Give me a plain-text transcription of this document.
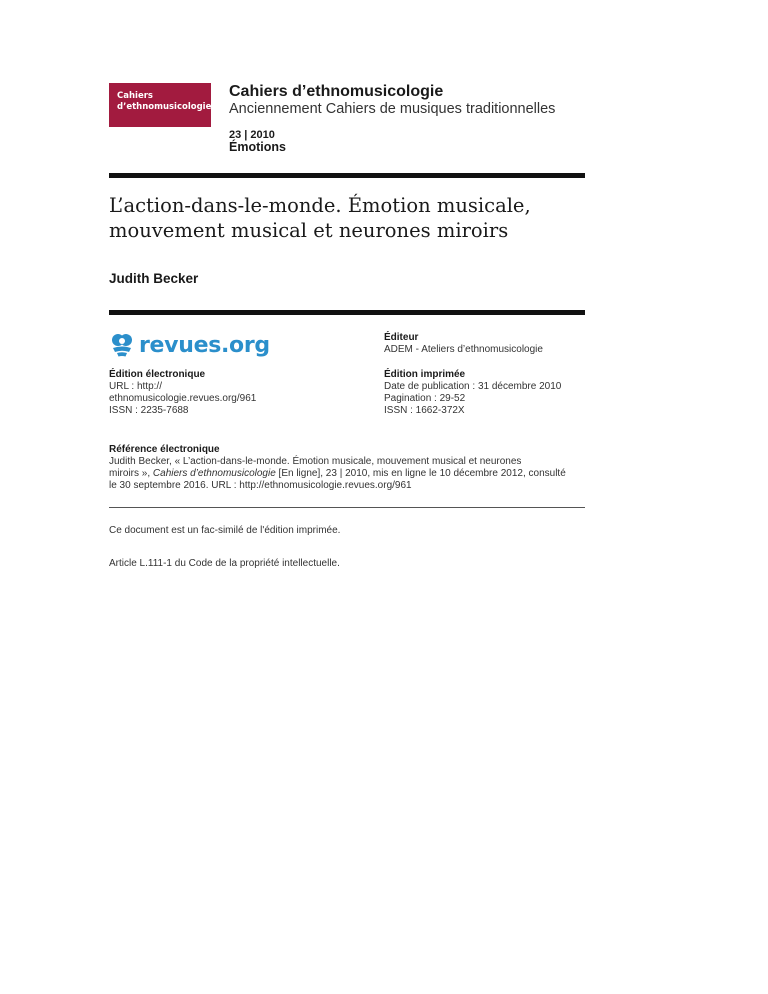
Cahiers
d’ethnomusicologie
Cahiers d’ethnomusicologie
Anciennement Cahiers de musiques traditionnelles
23 | 2010
Émotions
L’action-dans-le-monde. Émotion musicale,
mouvement musical et neurones miroirs
Judith Becker
revues.org	Éditeur
ADEM - Ateliers d’ethnomusicologie
Édition électronique
URL : http://
ethnomusicologie.revues.org/961
ISSN : 2235-7688
Édition imprimée
Date de publication : 31 décembre 2010
Pagination : 29-52
ISSN : 1662-372X
Référence électronique
Judith Becker, « L’action-dans-le-monde. Émotion musicale, mouvement musical et neurones
miroirs », Cahiers d’ethnomusicologie [En ligne], 23 | 2010, mis en ligne le 10 décembre 2012, consulté
le 30 septembre 2016. URL : http://ethnomusicologie.revues.org/961
Ce document est un fac-similé de l'édition imprimée.
Article L.111-1 du Code de la propriété intellectuelle.
